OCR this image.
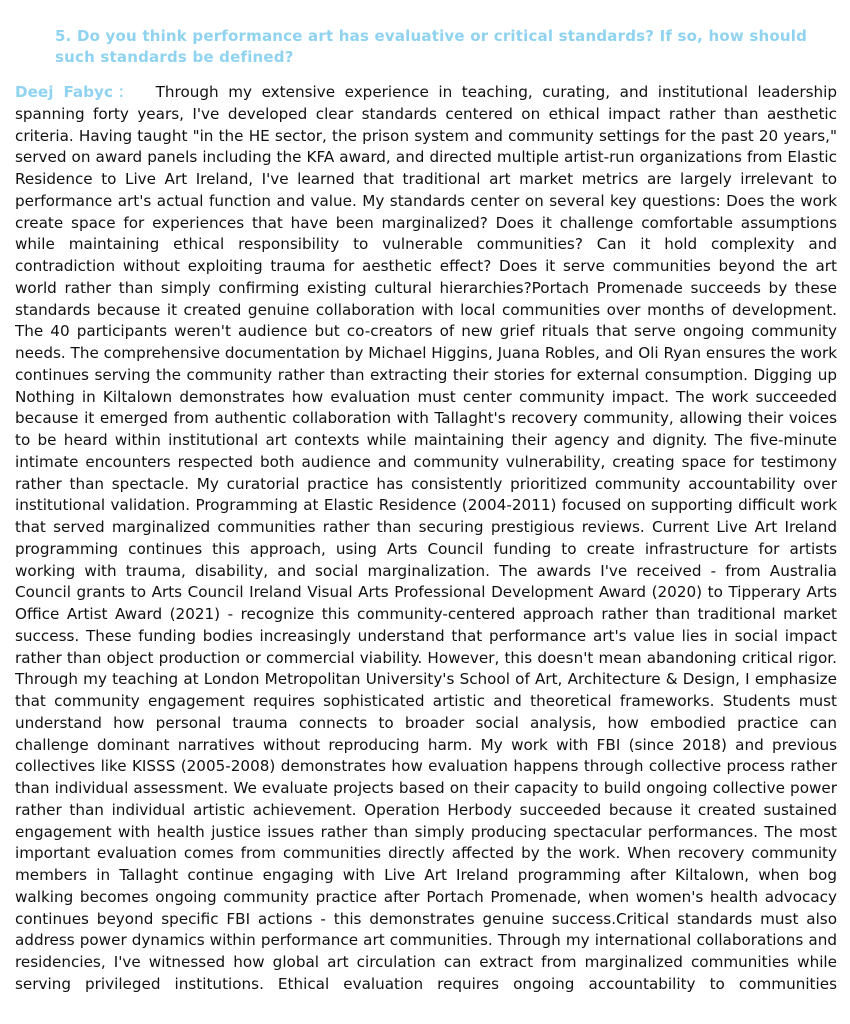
5. Do you think performance art has evaluative or critical standards? If so, how should such standards be defined?

Deej Fabyc： Through my extensive experience in teaching, curating, and institutional leadership spanning forty years, I've developed clear standards centered on ethical impact rather than aesthetic criteria. Having taught "in the HE sector, the prison system and community settings for the past 20 years," served on award panels including the KFA award, and directed multiple artist-run organizations from Elastic Residence to Live Art Ireland, I've learned that traditional art market metrics are largely irrelevant to performance art's actual function and value. My standards center on several key questions: Does the work create space for experiences that have been marginalized? Does it challenge comfortable assumptions while maintaining ethical responsibility to vulnerable communities? Can it hold complexity and contradiction without exploiting trauma for aesthetic effect? Does it serve communities beyond the art world rather than simply confirming existing cultural hierarchies?Portach Promenade succeeds by these standards because it created genuine collaboration with local communities over months of development. The 40 participants weren't audience but co-creators of new grief rituals that serve ongoing community needs. The comprehensive documentation by Michael Higgins, Juana Robles, and Oli Ryan ensures the work continues serving the community rather than extracting their stories for external consumption. Digging up Nothing in Kiltalown demonstrates how evaluation must center community impact. The work succeeded because it emerged from authentic collaboration with Tallaght's recovery community, allowing their voices to be heard within institutional art contexts while maintaining their agency and dignity. The five-minute intimate encounters respected both audience and community vulnerability, creating space for testimony rather than spectacle. My curatorial practice has consistently prioritized community accountability over institutional validation. Programming at Elastic Residence (2004-2011) focused on supporting difficult work that served marginalized communities rather than securing prestigious reviews. Current Live Art Ireland programming continues this approach, using Arts Council funding to create infrastructure for artists working with trauma, disability, and social marginalization. The awards I've received - from Australia Council grants to Arts Council Ireland Visual Arts Professional Development Award (2020) to Tipperary Arts Office Artist Award (2021) - recognize this community-centered approach rather than traditional market success. These funding bodies increasingly understand that performance art's value lies in social impact rather than object production or commercial viability. However, this doesn't mean abandoning critical rigor. Through my teaching at London Metropolitan University's School of Art, Architecture & Design, I emphasize that community engagement requires sophisticated artistic and theoretical frameworks. Students must understand how personal trauma connects to broader social analysis, how embodied practice can challenge dominant narratives without reproducing harm. My work with FBI (since 2018) and previous collectives like KISSS (2005-2008) demonstrates how evaluation happens through collective process rather than individual assessment. We evaluate projects based on their capacity to build ongoing collective power rather than individual artistic achievement. Operation Herbody succeeded because it created sustained engagement with health justice issues rather than simply producing spectacular performances. The most important evaluation comes from communities directly affected by the work. When recovery community members in Tallaght continue engaging with Live Art Ireland programming after Kiltalown, when bog walking becomes ongoing community practice after Portach Promenade, when women's health advocacy continues beyond specific FBI actions - this demonstrates genuine success.Critical standards must also address power dynamics within performance art communities. Through my international collaborations and residencies, I've witnessed how global art circulation can extract from marginalized communities while serving privileged institutions. Ethical evaluation requires ongoing accountability to communities
